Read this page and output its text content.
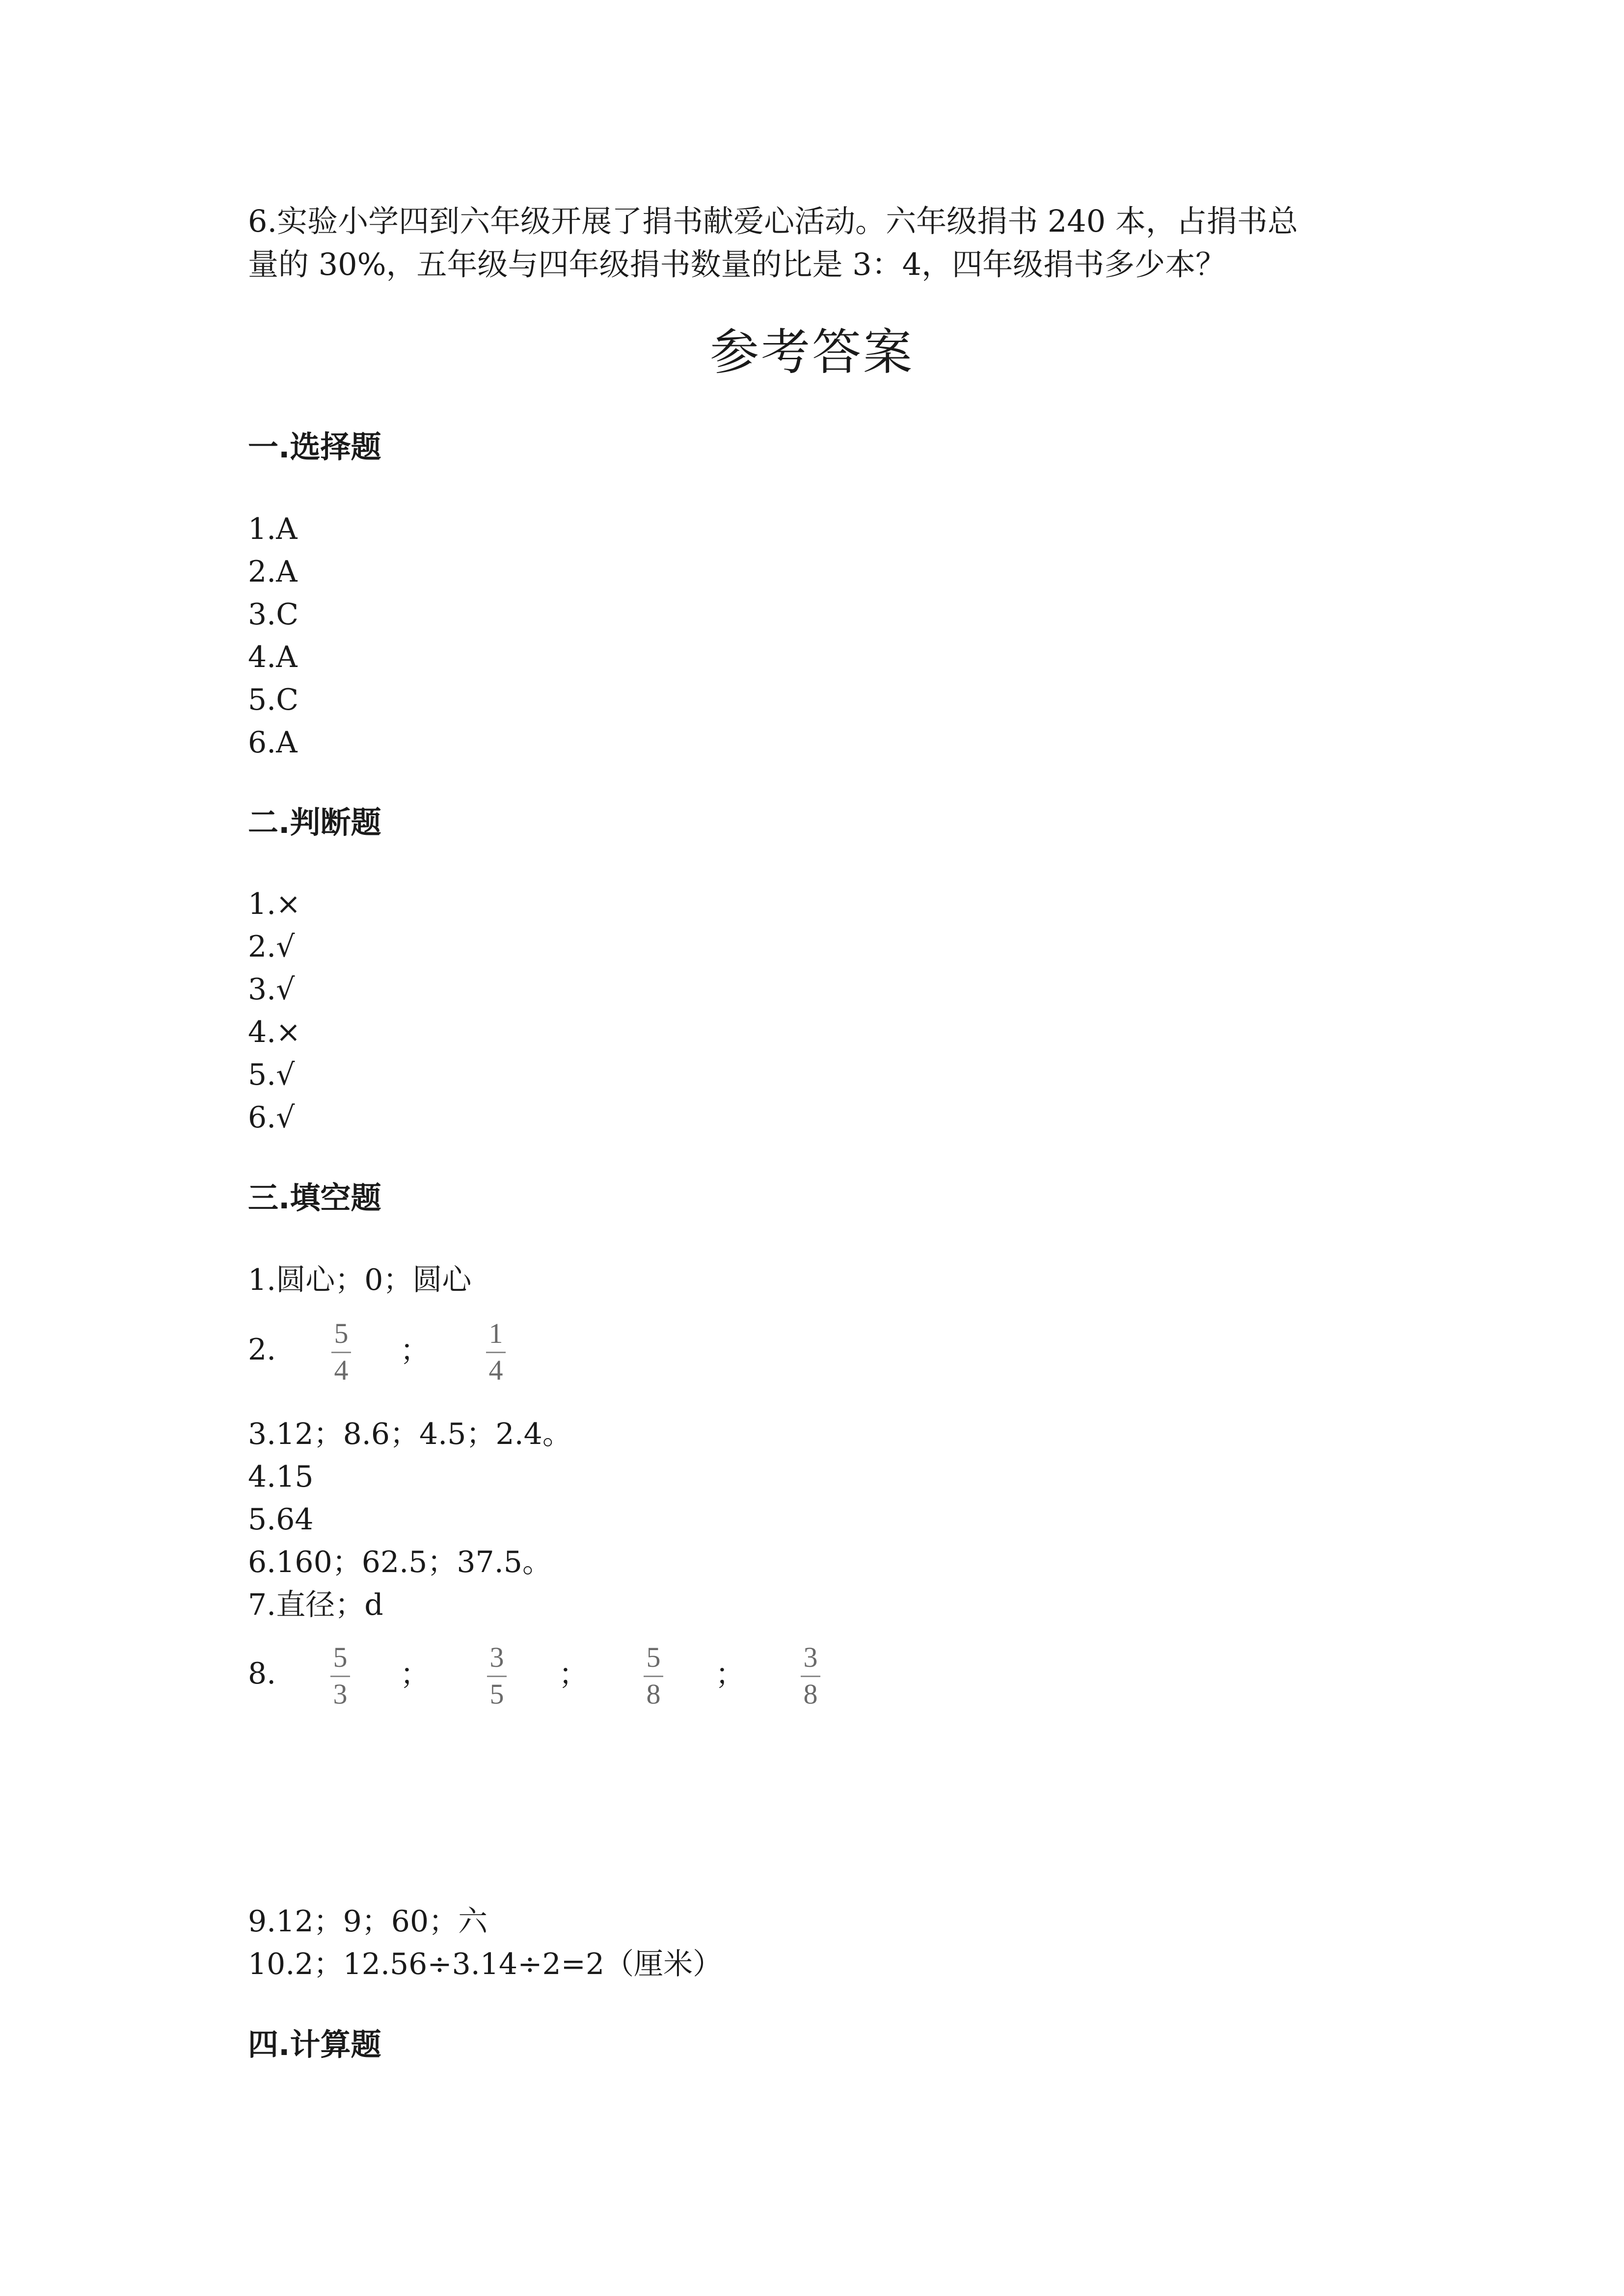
6.实验小学四到六年级开展了捐书献爱心活动。六年级捐书 240 本，占捐书总
量的 30%，五年级与四年级捐书数量的比是 3：4，四年级捐书多少本？
参考答案
一.选择题
1.A
2.A
3.C
4.A
5.C
6.A
二.判断题
1.×
2.√
3.√
4.×
5.√
6.√
三.填空题
1.圆心；0；圆心
2. 5
4
；
1
4
3.12；8.6；4.5；2.4。
4.15
5.64
6.160；62.5；37.5。
7.直径；d
8. 5
3
；
3
5
；
5
8
；
3
8
9.12；9；60；六
10.2；12.56÷3.14÷2=2（厘米）
四.计算题
